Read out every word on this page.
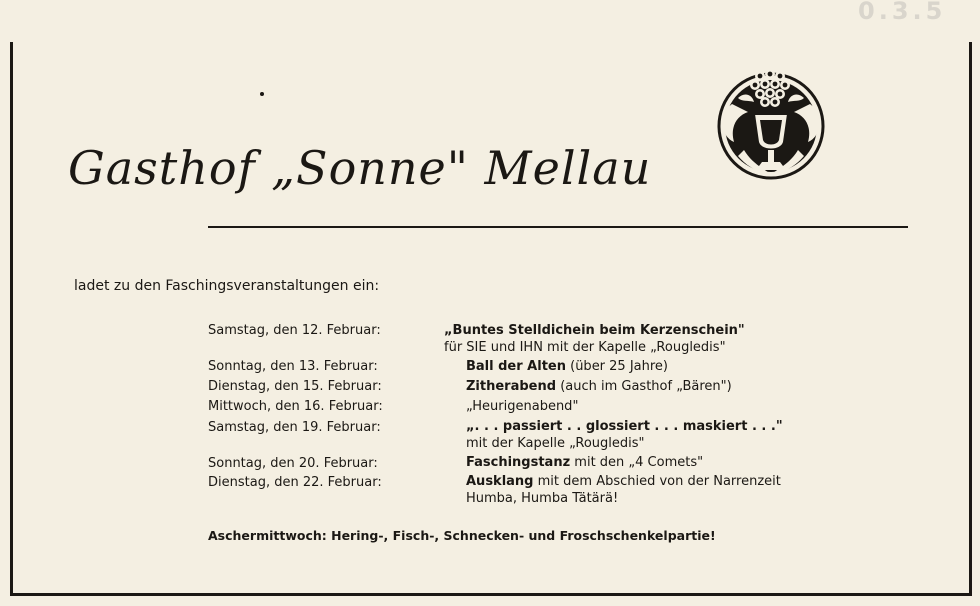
0.3.5
Gasthof „Sonne" Mellau
ladet zu den Faschingsveranstaltungen ein:
Samstag, den 12. Februar:	„Buntes Stelldichein beim Kerzenschein"
für SIE und IHN mit der Kapelle „Rougledis"
Sonntag, den 13. Februar:	Ball der Alten (über 25 Jahre)
Dienstag, den 15. Februar:	Zitherabend (auch im Gasthof „Bären")
Mittwoch, den 16. Februar:	„Heurigenabend"
Samstag, den 19. Februar:	„. . . passiert . . glossiert . . . maskiert . . ."
mit der Kapelle „Rougledis"
Sonntag, den 20. Februar:	Faschingstanz mit den „4 Comets"
Dienstag, den 22. Februar:	Ausklang mit dem Abschied von der Narrenzeit
Humba, Humba Tätärä!
Aschermittwoch: Hering-, Fisch-, Schnecken- und Froschschenkelpartie!
